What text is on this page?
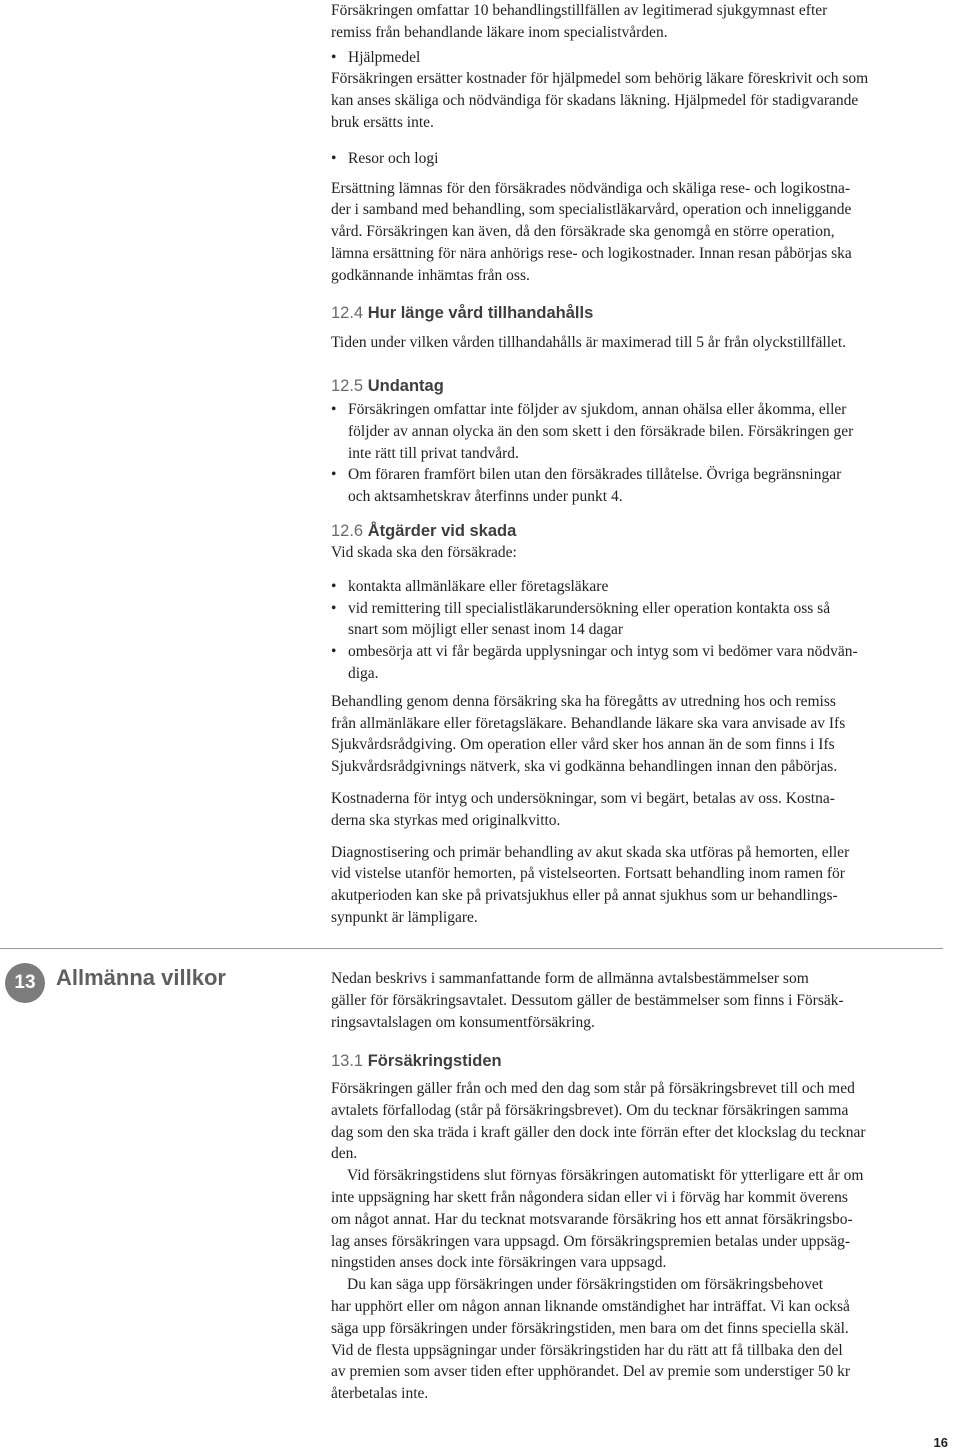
Försäkringen omfattar 10 behandlingstillfällen av legitimerad sjukgymnast efter
remiss från behandlande läkare inom specialistvården.

• Hjälpmedel

Försäkringen ersätter kostnader för hjälpmedel som behörig läkare föreskrivit och som
kan anses skäliga och nödvändiga för skadans läkning. Hjälpmedel för stadigvarande
bruk ersätts inte.

• Resor och logi

Ersättning lämnas för den försäkrades nödvändiga och skäliga rese- och logikostna-
der i samband med behandling, som specialistläkarvård, operation och inneliggande
vård. Försäkringen kan även, då den försäkrade ska genomgå en större operation,
lämna ersättning för nära anhörigs rese- och logikostnader. Innan resan påbörjas ska
godkännande inhämtas från oss.

12.4 Hur länge vård tillhandahålls

Tiden under vilken vården tillhandahålls är maximerad till 5 år från olyckstillfället.

12.5 Undantag
• Försäkringen omfattar inte följder av sjukdom, annan ohälsa eller åkomma, eller
följder av annan olycka än den som skett i den försäkrade bilen. Försäkringen ger
inte rätt till privat tandvård.
• Om föraren framfört bilen utan den försäkrades tillåtelse. Övriga begränsningar
och aktsamhetskrav återfinns under punkt 4.
12.6 Åtgärder vid skada

Vid skada ska den försäkrade:

• kontakta allmänläkare eller företagsläkare
• vid remittering till specialistläkarundersökning eller operation kontakta oss så
snart som möjligt eller senast inom 14 dagar
• ombesörja att vi får begärda upplysningar och intyg som vi bedömer vara nödvän-
diga.

Behandling genom denna försäkring ska ha föregåtts av utredning hos och remiss
från allmänläkare eller företagsläkare. Behandlande läkare ska vara anvisade av Ifs
Sjukvårdsrådgiving. Om operation eller vård sker hos annan än de som finns i Ifs
Sjukvårdsrådgivnings nätverk, ska vi godkänna behandlingen innan den påbörjas.

Kostnaderna för intyg och undersökningar, som vi begärt, betalas av oss. Kostna-
derna ska styrkas med originalkvitto.

Diagnostisering och primär behandling av akut skada ska utföras på hemorten, eller
vid vistelse utanför hemorten, på vistelseorten. Fortsatt behandling inom ramen för
akutperioden kan ske på privatsjukhus eller på annat sjukhus som ur behandlings-
synpunkt är lämpligare.

13 Allmänna villkor	Nedan beskrivs i sammanfattande form de allmänna avtalsbestämmelser som
gäller för försäkringsavtalet. Dessutom gäller de bestämmelser som finns i Försäk-
ringsavtalslagen om konsumentförsäkring.

13.1 Försäkringstiden

Försäkringen gäller från och med den dag som står på försäkringsbrevet till och med
avtalets förfallodag (står på försäkringsbrevet). Om du tecknar försäkringen samma
dag som den ska träda i kraft gäller den dock inte förrän efter det klockslag du tecknar
den.

Vid försäkringstidens slut förnyas försäkringen automatiskt för ytterligare ett år om
inte uppsägning har skett från någondera sidan eller vi i förväg har kommit överens
om något annat. Har du tecknat motsvarande försäkring hos ett annat försäkringsbo-
lag anses försäkringen vara uppsagd. Om försäkringspremien betalas under uppsäg-
ningstiden anses dock inte försäkringen vara uppsagd.

Du kan säga upp försäkringen under försäkringstiden om försäkringsbehovet
har upphört eller om någon annan liknande omständighet har inträffat. Vi kan också
säga upp försäkringen under försäkringstiden, men bara om det finns speciella skäl.
Vid de flesta uppsägningar under försäkringstiden har du rätt att få tillbaka den del
av premien som avser tiden efter upphörandet. Del av premie som understiger 50 kr
återbetalas inte.

16
